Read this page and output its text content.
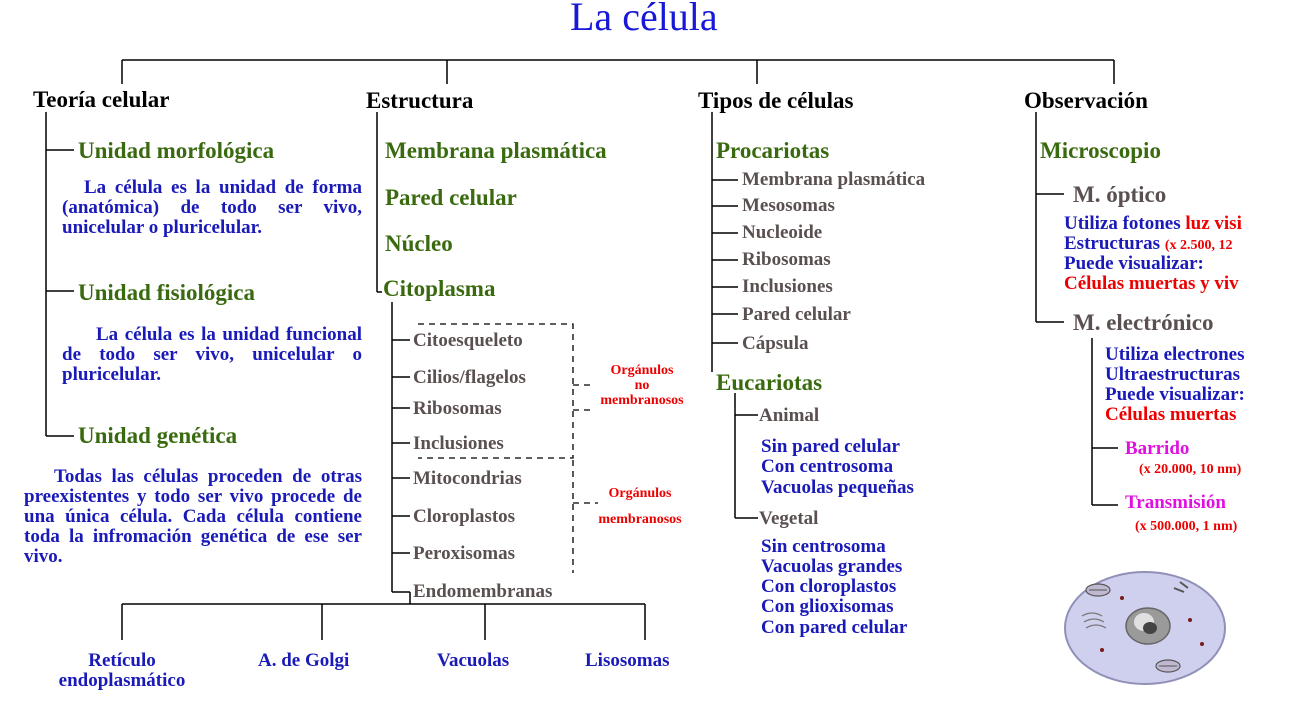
La célula
Teoría celular	Estructura	Tipos de células	Observación
Unidad morfológica
La célula es la unidad de forma (anatómica) de todo ser vivo, unicelular o pluricelular.
Unidad fisiológica
La célula es la unidad funcional de todo ser vivo, unicelular o pluricelular.
Unidad genética
Todas las células proceden de otras preexistentes y todo ser vivo procede de una única célula. Cada célula contiene toda la infromación genética de ese ser vivo.
Membrana plasmática
Pared celular
Núcleo
Citoplasma
Citoesqueleto
Cilios/flagelos
Ribosomas
Inclusiones
Mitocondrias
Cloroplastos
Peroxisomas
Endomembranas
Orgánulos
no
membranosos
Orgánulos
membranosos
Retículo
endoplasmático
A. de Golgi	Vacuolas	Lisosomas
Procariotas
Membrana plasmática
Mesosomas
Nucleoide
Ribosomas
Inclusiones
Pared celular
Cápsula
Eucariotas
Animal
Sin pared celular
Con centrosoma
Vacuolas pequeñas
Vegetal
Sin centrosoma
Vacuolas grandes
Con cloroplastos
Con glioxisomas
Con pared celular
Microscopio
M. óptico
Utiliza fotones luz visi
Estructuras (x 2.500, 12
Puede visualizar:
Células muertas y viv
M. electrónico
Utiliza electrones
Ultraestructuras
Puede visualizar:
Células muertas
Barrido
(x 20.000, 10 nm)
Transmisión
(x 500.000, 1 nm)
